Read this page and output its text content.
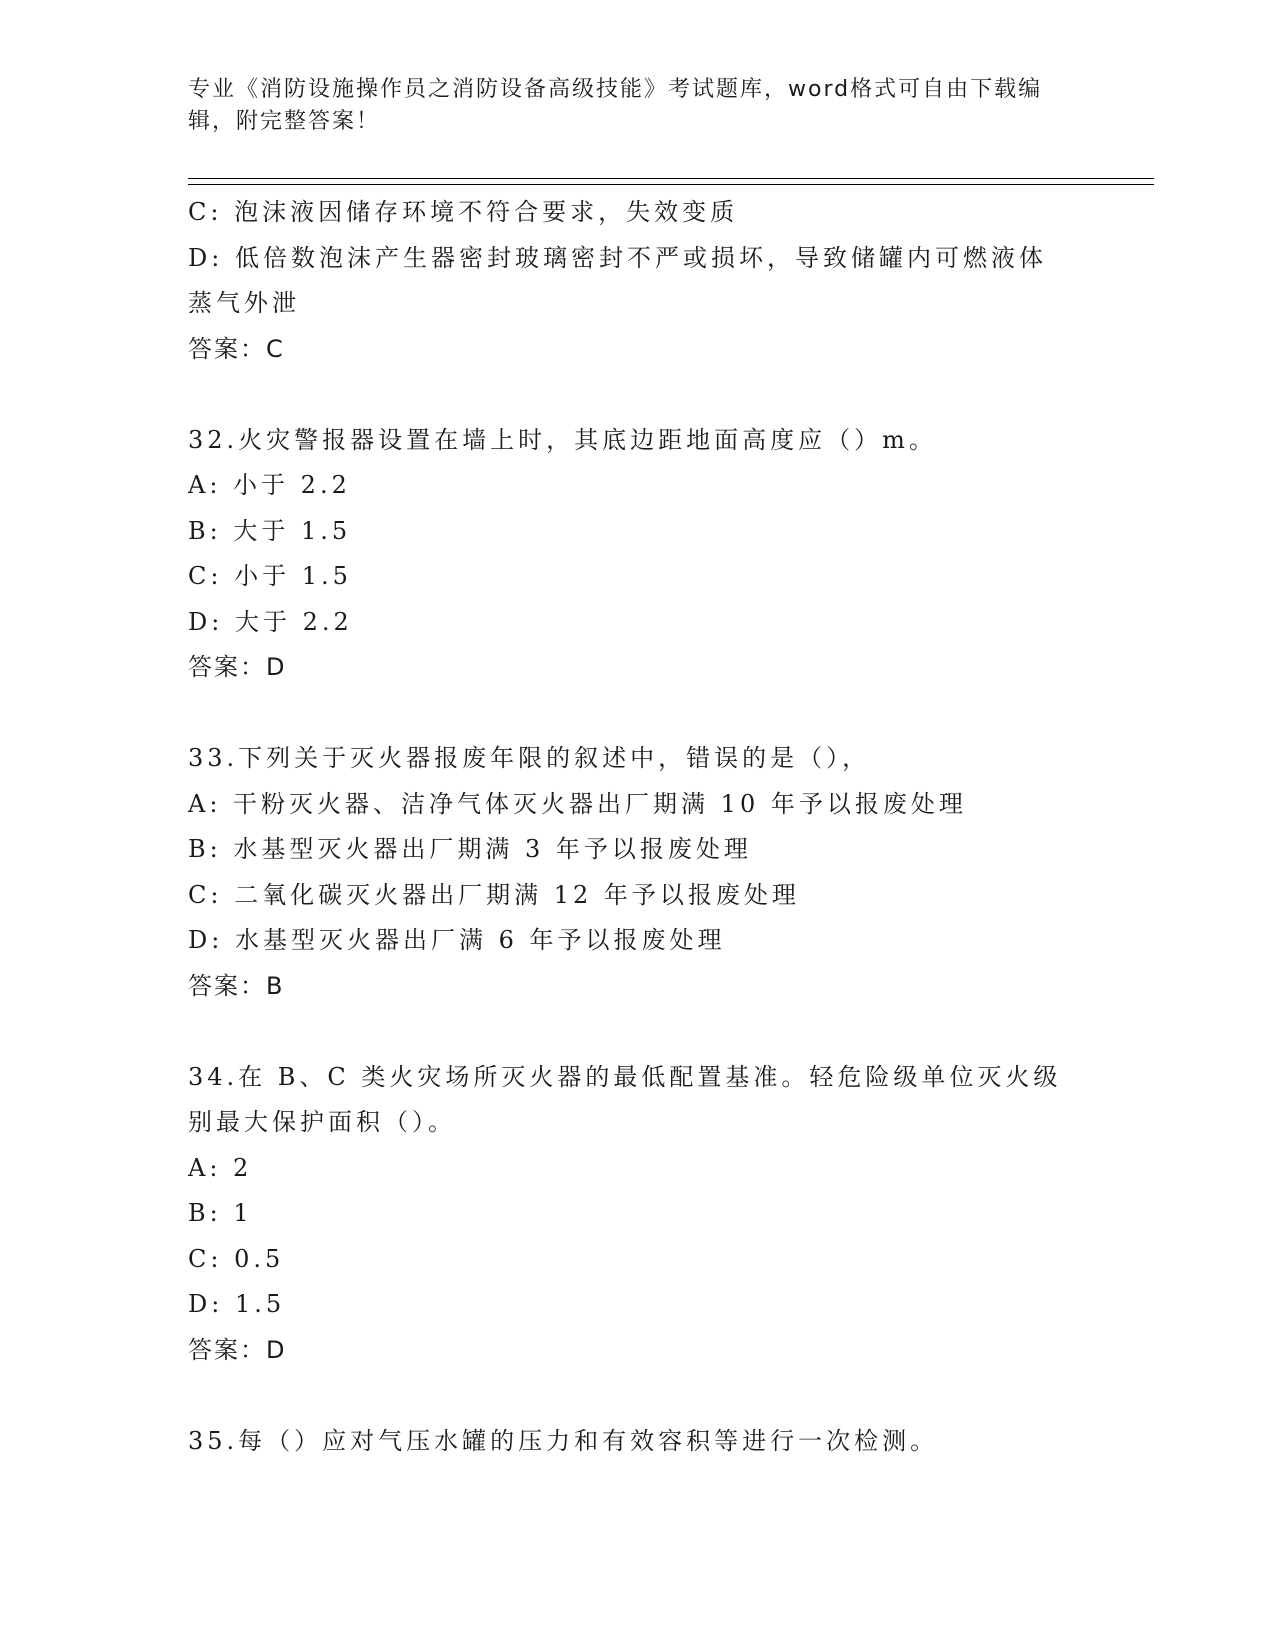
专业《消防设施操作员之消防设备高级技能》考试题库，word格式可自由下载编
辑，附完整答案！

C: 泡沫液因储存环境不符合要求，失效变质

D: 低倍数泡沫产生器密封玻璃密封不严或损坏，导致储罐内可燃液体

蒸气外泄

答案：C

32.火灾警报器设置在墙上时，其底边距地面高度应（）m。

A: 小于 2.2

B: 大于 1.5

C: 小于 1.5

D: 大于 2.2

答案：D

33.下列关于灭火器报废年限的叙述中，错误的是（），

A: 干粉灭火器、洁净气体灭火器出厂期满 10 年予以报废处理

B: 水基型灭火器出厂期满 3 年予以报废处理

C: 二氧化碳灭火器出厂期满 12 年予以报废处理

D: 水基型灭火器出厂满 6 年予以报废处理

答案：B

34.在 B、C 类火灾场所灭火器的最低配置基准。轻危险级单位灭火级

别最大保护面积（）。

A: 2

B: 1

C: 0.5

D: 1.5

答案：D

35.每（）应对气压水罐的压力和有效容积等进行一次检测。
